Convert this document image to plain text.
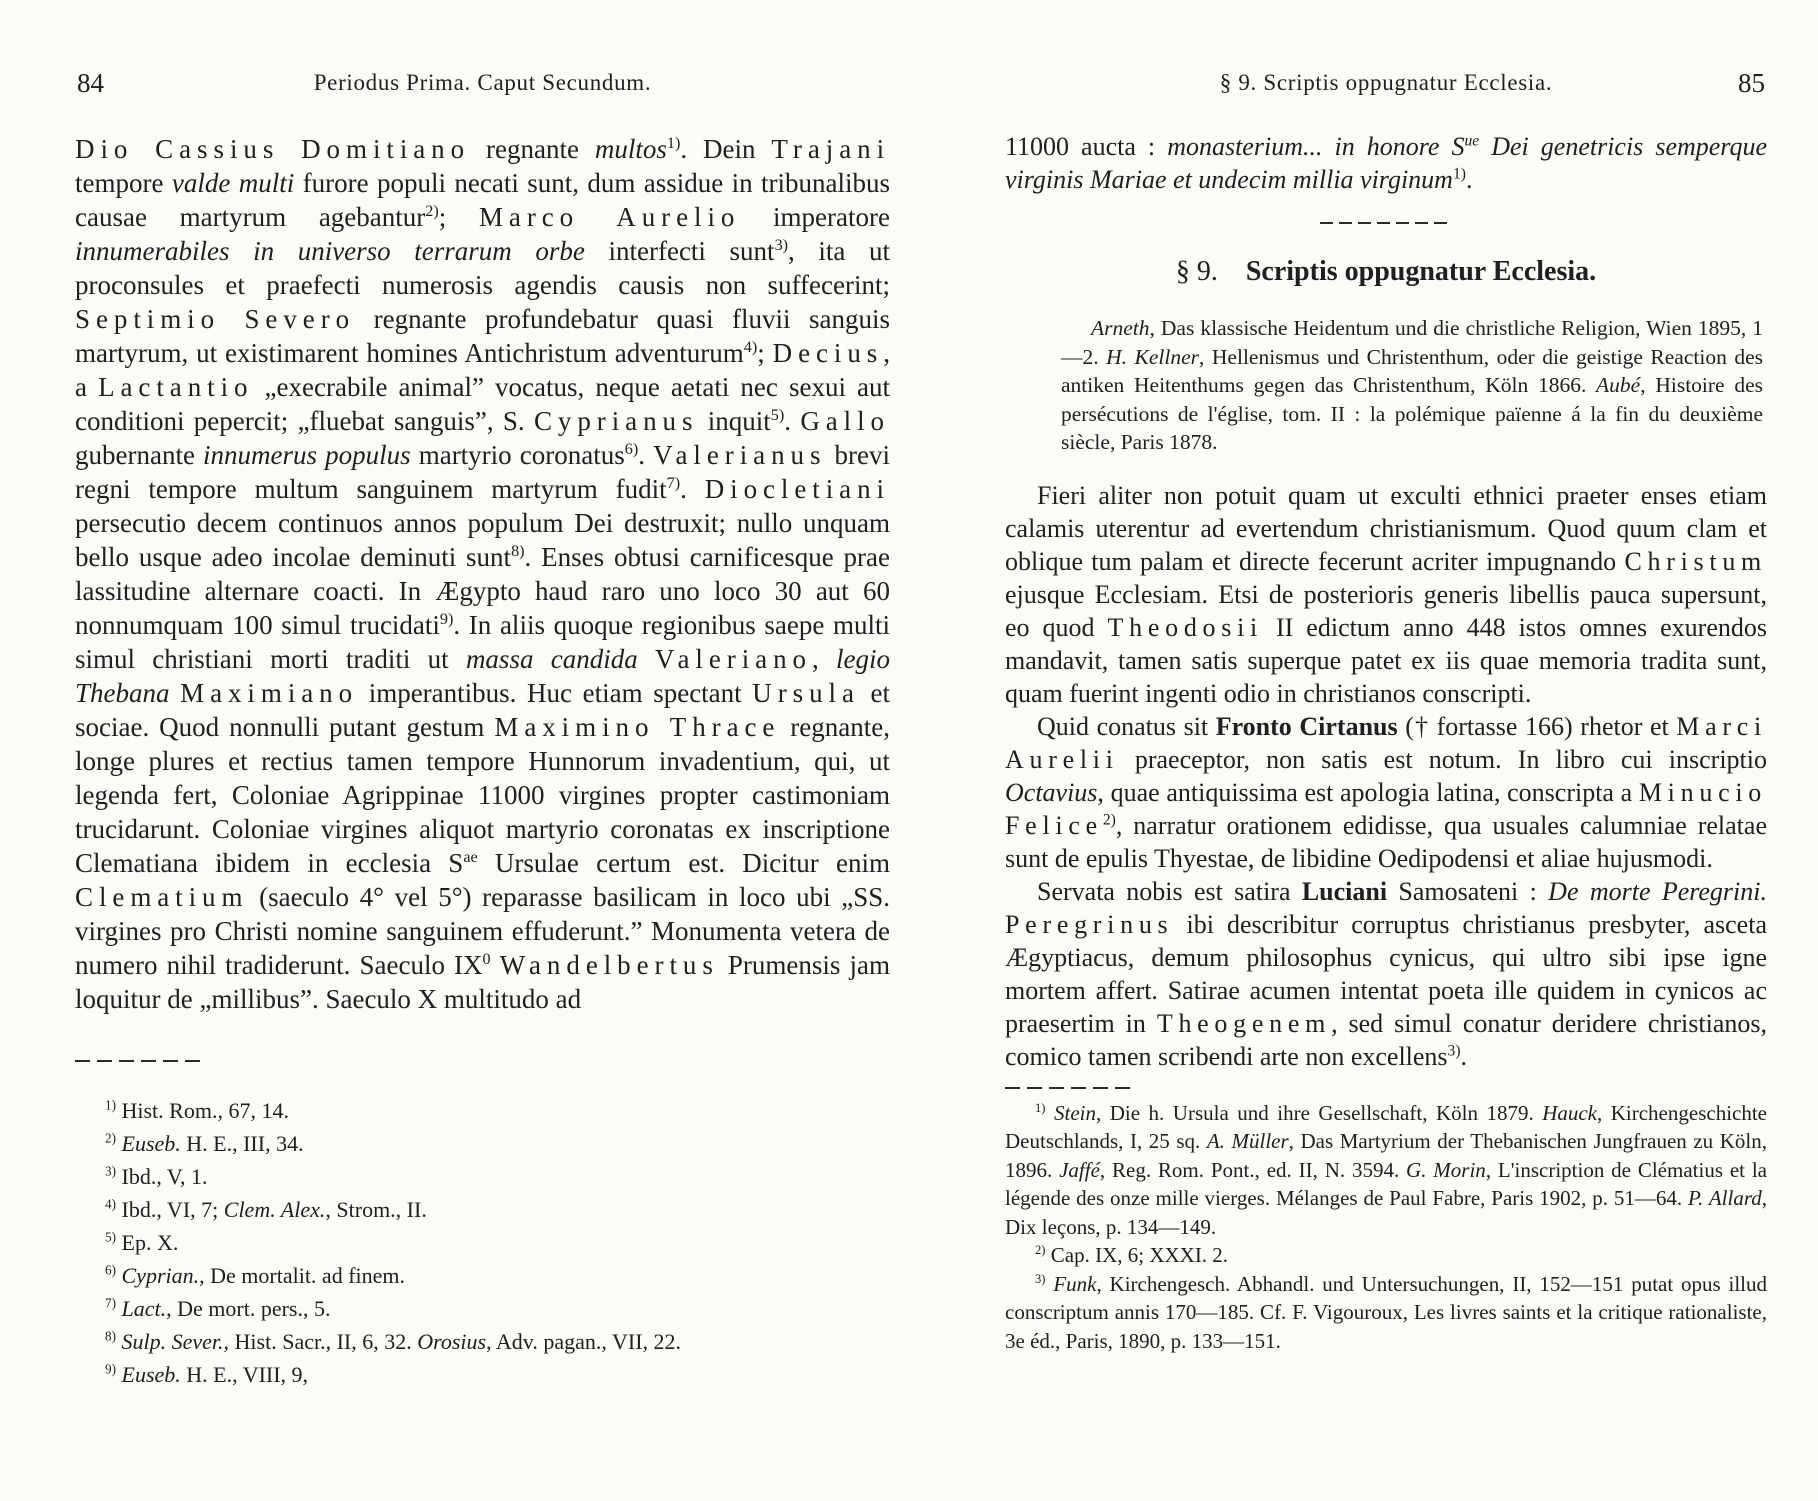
84	Periodus Prima. Caput Secundum.

Dio Cassius Domitiano regnante multos$^{1)}$. Dein Trajani tempore valde multi furore populi necati sunt, dum assidue in tribunalibus causae martyrum agebantur$^{2)}$; Marco Aurelio imperatore innumerabiles in universo terrarum orbe interfecti sunt$^{3)}$, ita ut proconsules et praefecti numerosis agendis causis non suffecerint; Septimio Severo regnante profundebatur quasi fluvii sanguis martyrum, ut existimarent homines Antichristum adventurum$^{4)}$; Decius, a Lactantio „execrabile animal” vocatus, neque aetati nec sexui aut conditioni pepercit; „fluebat sanguis”, S. Cyprianus inquit$^{5)}$. Gallo gubernante innumerus populus martyrio coronatus$^{6)}$. Valerianus brevi regni tempore multum sanguinem martyrum fudit$^{7)}$. Diocletiani persecutio decem continuos annos populum Dei destruxit; nullo unquam bello usque adeo incolae deminuti sunt$^{8)}$. Enses obtusi carnificesque prae lassitudine alternare coacti. In Ægypto haud raro uno loco 30 aut 60 nonnumquam 100 simul trucidati$^{9)}$. In aliis quoque regionibus saepe multi simul christiani morti traditi ut massa candida Valeriano, legio Thebana Maximiano imperantibus. Huc etiam spectant Ursula et sociae. Quod nonnulli putant gestum Maximino Thrace regnante, longe plures et rectius tamen tempore Hunnorum invadentium, qui, ut legenda fert, Coloniae Agrippinae 11000 virgines propter castimoniam trucidarunt. Coloniae virgines aliquot martyrio coronatas ex inscriptione Clematiana ibidem in ecclesia $S^{ae}$ Ursulae certum est. Dicitur enim Clematium (saeculo 4° vel 5°) reparasse basilicam in loco ubi „SS. virgines pro Christi nomine sanguinem effuderunt.” Monumenta vetera de numero nihil tradiderunt. Saeculo $IX^0$ Wandelbertus Prumensis jam loquitur de „millibus”. Saeculo X multitudo ad

$^{1)}$ Hist. Rom., 67, 14.

$^{2)}$ Euseb. H. E., III, 34.

$^{3)}$ Ibd., V, 1.

$^{4)}$ Ibd., VI, 7; Clem. Alex., Strom., II.

$^{5)}$ Ep. X.

$^{6)}$ Cyprian., De mortalit. ad finem.

$^{7)}$ Lact., De mort. pers., 5.

$^{8)}$ Sulp. Sever., Hist. Sacr., II, 6, 32. Orosius, Adv. pagan., VII, 22.

$^{9)}$ Euseb. H. E., VIII, 9,

§ 9. Scriptis oppugnatur Ecclesia.	85

11000 aucta : monasterium... in honore $S^{ue}$ Dei genetricis semperque virginis Mariae et undecim millia virginum$^{1)}$.

§ 9.  Scriptis oppugnatur Ecclesia.

Arneth, Das klassische Heidentum und die christliche Religion, Wien 1895, 1—2. H. Kellner, Hellenismus und Christenthum, oder die geistige Reaction des antiken Heitenthums gegen das Christenthum, Köln 1866. Aubé, Histoire des persécutions de l'église, tom. II : la polémique païenne á la fin du deuxième siècle, Paris 1878.

Fieri aliter non potuit quam ut exculti ethnici praeter enses etiam calamis uterentur ad evertendum christianismum. Quod quum clam et oblique tum palam et directe fecerunt acriter impugnando Christum ejusque Ecclesiam. Etsi de posterioris generis libellis pauca supersunt, eo quod Theodosii II edictum anno 448 istos omnes exurendos mandavit, tamen satis superque patet ex iis quae memoria tradita sunt, quam fuerint ingenti odio in christianos conscripti.

Quid conatus sit Fronto Cirtanus († fortasse 166) rhetor et Marci Aurelii praeceptor, non satis est notum. In libro cui inscriptio Octavius, quae antiquissima est apologia latina, conscripta a Minucio Felice$^{2)}$, narratur orationem edidisse, qua usuales calumniae relatae sunt de epulis Thyestae, de libidine Oedipodensi et aliae hujusmodi.

Servata nobis est satira Luciani Samosateni : De morte Peregrini. Peregrinus ibi describitur corruptus christianus presbyter, asceta Ægyptiacus, demum philosophus cynicus, qui ultro sibi ipse igne mortem affert. Satirae acumen intentat poeta ille quidem in cynicos ac praesertim in Theogenem, sed simul conatur deridere christianos, comico tamen scribendi arte non excellens$^{3)}$.

$^{1)}$ Stein, Die h. Ursula und ihre Gesellschaft, Köln 1879. Hauck, Kirchengeschichte Deutschlands, I, 25 sq. A. Müller, Das Martyrium der Thebanischen Jungfrauen zu Köln, 1896. Jaffé, Reg. Rom. Pont., ed. II, N. 3594. G. Morin, L'inscription de Clématius et la légende des onze mille vierges. Mélanges de Paul Fabre, Paris 1902, p. 51—64. P. Allard, Dix leçons, p. 134—149.

$^{2)}$ Cap. IX, 6; XXXI. 2.

$^{3)}$ Funk, Kirchengesch. Abhandl. und Untersuchungen, II, 152—151 putat opus illud conscriptum annis 170—185. Cf. F. Vigouroux, Les livres saints et la critique rationaliste, 3e éd., Paris, 1890, p. 133—151.
